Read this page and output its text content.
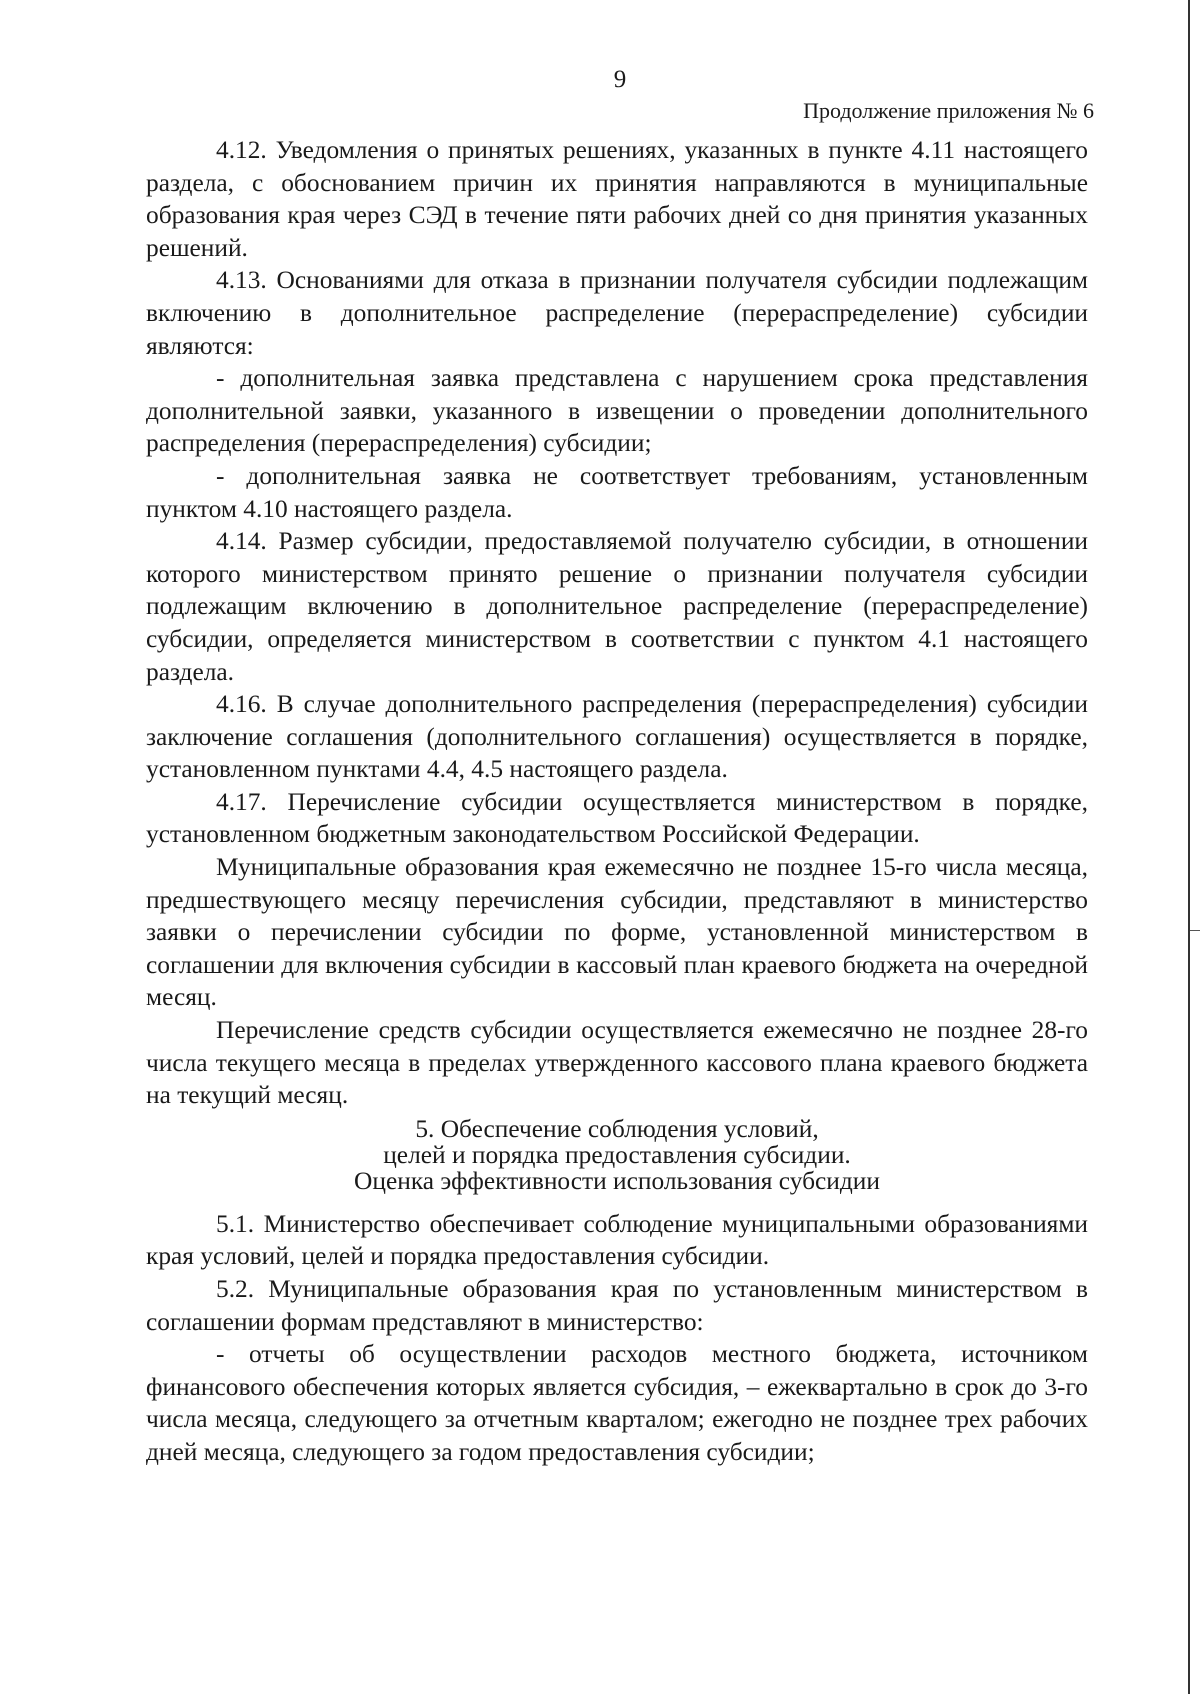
9
Продолжение приложения № 6

4.12. Уведомления о принятых решениях, указанных в пункте 4.11 настоящего раздела, с обоснованием причин их принятия направляются в муниципальные образования края через СЭД в течение пяти рабочих дней со дня принятия указанных решений.

4.13. Основаниями для отказа в признании получателя субсидии подлежащим включению в дополнительное распределение (перераспределение) субсидии являются:

- дополнительная заявка представлена с нарушением срока представления дополнительной заявки, указанного в извещении о проведении дополнительного распределения (перераспределения) субсидии;

- дополнительная заявка не соответствует требованиям, установленным пунктом 4.10 настоящего раздела.

4.14. Размер субсидии, предоставляемой получателю субсидии, в отношении которого министерством принято решение о признании получателя субсидии подлежащим включению в дополнительное распределение (перераспределение) субсидии, определяется министерством в соответствии с пунктом 4.1 настоящего раздела.

4.16. В случае дополнительного распределения (перераспределения) субсидии заключение соглашения (дополнительного соглашения) осуществляется в порядке, установленном пунктами 4.4, 4.5 настоящего раздела.

4.17. Перечисление субсидии осуществляется министерством в порядке, установленном бюджетным законодательством Российской Федерации.

Муниципальные образования края ежемесячно не позднее 15-го числа месяца, предшествующего месяцу перечисления субсидии, представляют в министерство заявки о перечислении субсидии по форме, установленной министерством в соглашении для включения субсидии в кассовый план краевого бюджета на очередной месяц.

Перечисление средств субсидии осуществляется ежемесячно не позднее 28-го числа текущего месяца в пределах утвержденного кассового плана краевого бюджета на текущий месяц.

5. Обеспечение соблюдения условий,
целей и порядка предоставления субсидии.
Оценка эффективности использования субсидии

5.1. Министерство обеспечивает соблюдение муниципальными образованиями края условий, целей и порядка предоставления субсидии.

5.2. Муниципальные образования края по установленным министерством в соглашении формам представляют в министерство:

- отчеты об осуществлении расходов местного бюджета, источником финансового обеспечения которых является субсидия, – ежеквартально в срок до 3-го числа месяца, следующего за отчетным кварталом; ежегодно не позднее трех рабочих дней месяца, следующего за годом предоставления субсидии;
